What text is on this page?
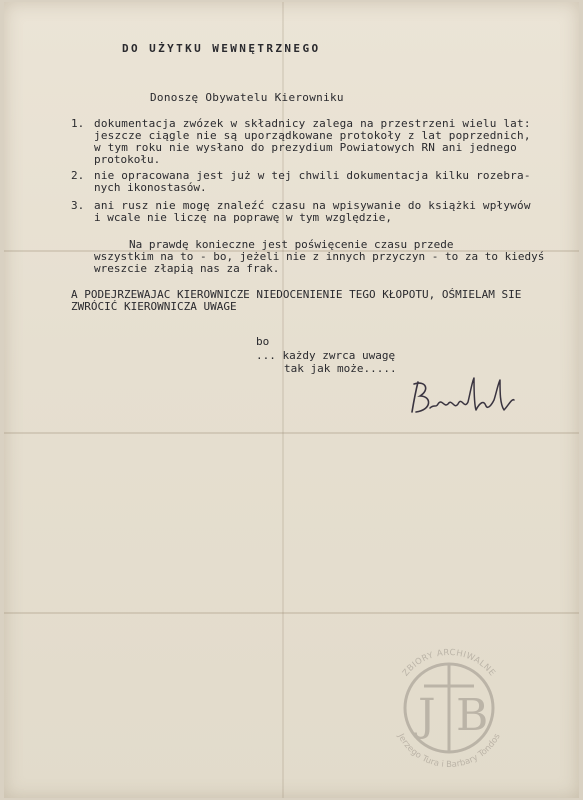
DO UŻYTKU WEWNĘTRZNEGO
Donoszę Obywatelu Kierowniku
1. dokumentacja zwózek w składnicy zalega na przestrzeni wielu lat:
jeszcze ciągle nie są uporządkowane protokoły z lat poprzednich,
w tym roku nie wysłano do prezydium Powiatowych RN ani jednego
protokołu.
2. nie opracowana jest już w tej chwili dokumentacja kilku rozebra-
nych ikonostasów.
3. ani rusz nie mogę znaleźć czasu na wpisywanie do książki wpływów
i wcale nie liczę na poprawę w tym względzie,
Na prawdę konieczne jest poświęcenie czasu przede
wszystkim na to - bo, jeżeli nie z innych przyczyn - to za to kiedyś
wreszcie złapią nas za frak.
A PODEJRZEWAJAC KIEROWNICZE NIEDOCENIENIE TEGO KŁOPOTU, OŚMIELAM SIE
ZWRÓCIĆ KIEROWNICZA UWAGE
bo
... każdy zwrca uwagę
tak jak może.....
J B
ZBIORY ARCHIWALNE
Jerzego Tura i Barbary Tondos
